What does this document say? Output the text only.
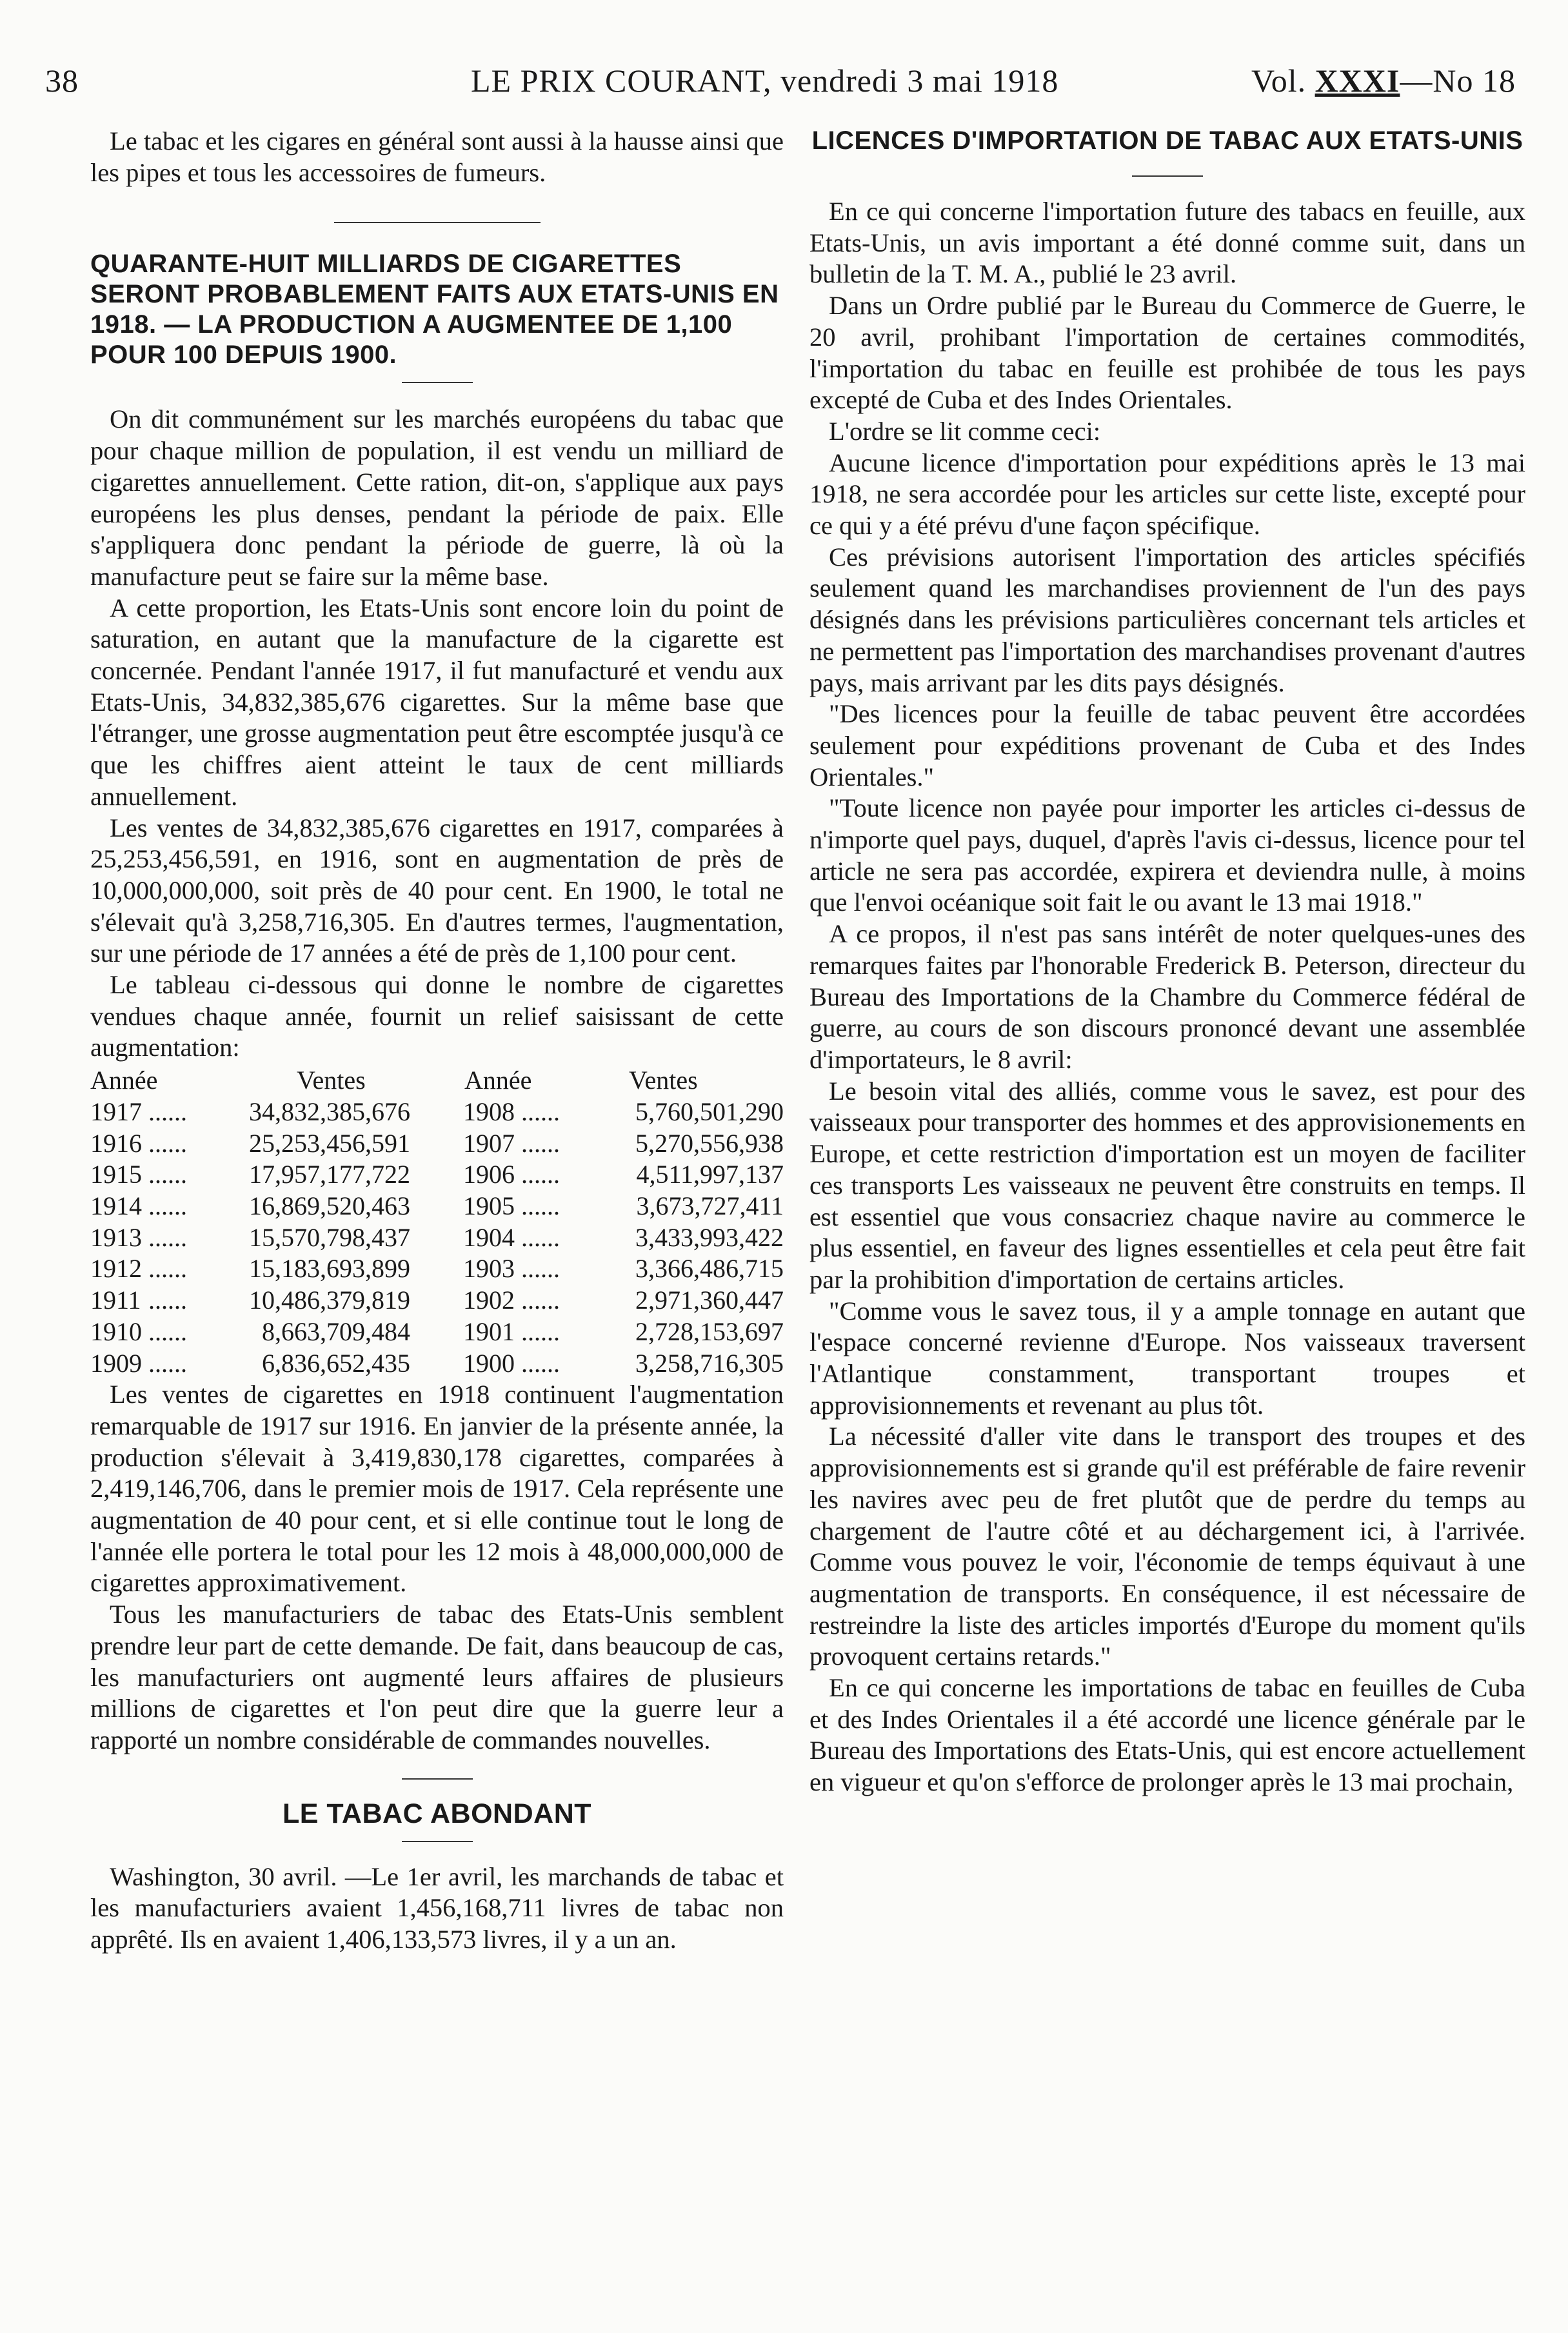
38	LE PRIX COURANT, vendredi 3 mai 1918	Vol. XXXI—No 18

Le tabac et les cigares en général sont aussi à la hausse ainsi que les pipes et tous les accessoires de fumeurs.

QUARANTE-HUIT MILLIARDS DE CIGARETTES SERONT PROBABLEMENT FAITS AUX ETATS-UNIS EN 1918. — LA PRODUCTION A AUGMENTEE DE 1,100 POUR 100 DEPUIS 1900.

On dit communément sur les marchés européens du tabac que pour chaque million de population, il est vendu un milliard de cigarettes annuellement. Cette ration, dit-on, s'applique aux pays européens les plus denses, pendant la période de paix. Elle s'appliquera donc pendant la période de guerre, là où la manufacture peut se faire sur la même base.

A cette proportion, les Etats-Unis sont encore loin du point de saturation, en autant que la manufacture de la cigarette est concernée. Pendant l'année 1917, il fut manufacturé et vendu aux Etats-Unis, 34,832,385,676 cigarettes. Sur la même base que l'étranger, une grosse augmentation peut être escomptée jusqu'à ce que les chiffres aient atteint le taux de cent milliards annuellement.

Les ventes de 34,832,385,676 cigarettes en 1917, comparées à 25,253,456,591, en 1916, sont en augmentation de près de 10,000,000,000, soit près de 40 pour cent. En 1900, le total ne s'élevait qu'à 3,258,716,305. En d'autres termes, l'augmentation, sur une période de 17 années a été de près de 1,100 pour cent.

Le tableau ci-dessous qui donne le nombre de cigarettes vendues chaque année, fournit un relief saisissant de cette augmentation:

Année	Ventes	Année	Ventes
1917 ......	34,832,385,676 1908 ......	5,760,501,290
1916 ......	25,253,456,591 1907 ......	5,270,556,938
1915 ......	17,957,177,722 1906 ......	4,511,997,137
1914 ......	16,869,520,463 1905 ......	3,673,727,411
1913 ......	15,570,798,437 1904 ......	3,433,993,422
1912 ......	15,183,693,899 1903 ......	3,366,486,715
1911 ......	10,486,379,819 1902 ......	2,971,360,447
1910 ......	8,663,709,484 1901 ......	2,728,153,697
1909 ......	6,836,652,435 1900 ......	3,258,716,305

Les ventes de cigarettes en 1918 continuent l'augmentation remarquable de 1917 sur 1916. En janvier de la présente année, la production s'élevait à 3,419,830,178 cigarettes, comparées à 2,419,146,706, dans le premier mois de 1917. Cela représente une augmentation de 40 pour cent, et si elle continue tout le long de l'année elle portera le total pour les 12 mois à 48,000,000,000 de cigarettes approximativement.

Tous les manufacturiers de tabac des Etats-Unis semblent prendre leur part de cette demande. De fait, dans beaucoup de cas, les manufacturiers ont augmenté leurs affaires de plusieurs millions de cigarettes et l'on peut dire que la guerre leur a rapporté un nombre considérable de commandes nouvelles.

LE TABAC ABONDANT

Washington, 30 avril. —Le 1er avril, les marchands de tabac et les manufacturiers avaient 1,456,168,711 livres de tabac non apprêté. Ils en avaient 1,406,133,573 livres, il y a un an.

LICENCES D'IMPORTATION DE TABAC AUX ETATS-UNIS

En ce qui concerne l'importation future des tabacs en feuille, aux Etats-Unis, un avis important a été donné comme suit, dans un bulletin de la T. M. A., publié le 23 avril.

Dans un Ordre publié par le Bureau du Commerce de Guerre, le 20 avril, prohibant l'importation de certaines commodités, l'importation du tabac en feuille est prohibée de tous les pays excepté de Cuba et des Indes Orientales.

L'ordre se lit comme ceci:

Aucune licence d'importation pour expéditions après le 13 mai 1918, ne sera accordée pour les articles sur cette liste, excepté pour ce qui y a été prévu d'une façon spécifique.

Ces prévisions autorisent l'importation des articles spécifiés seulement quand les marchandises proviennent de l'un des pays désignés dans les prévisions particulières concernant tels articles et ne permettent pas l'importation des marchandises provenant d'autres pays, mais arrivant par les dits pays désignés.

"Des licences pour la feuille de tabac peuvent être accordées seulement pour expéditions provenant de Cuba et des Indes Orientales."

"Toute licence non payée pour importer les articles ci-dessus de n'importe quel pays, duquel, d'après l'avis ci-dessus, licence pour tel article ne sera pas accordée, expirera et deviendra nulle, à moins que l'envoi océanique soit fait le ou avant le 13 mai 1918."

A ce propos, il n'est pas sans intérêt de noter quelques-unes des remarques faites par l'honorable Frederick B. Peterson, directeur du Bureau des Importations de la Chambre du Commerce fédéral de guerre, au cours de son discours prononcé devant une assemblée d'importateurs, le 8 avril:

Le besoin vital des alliés, comme vous le savez, est pour des vaisseaux pour transporter des hommes et des approvisionements en Europe, et cette restriction d'importation est un moyen de faciliter ces transports Les vaisseaux ne peuvent être construits en temps. Il est essentiel que vous consacriez chaque navire au commerce le plus essentiel, en faveur des lignes essentielles et cela peut être fait par la prohibition d'importation de certains articles.

"Comme vous le savez tous, il y a ample tonnage en autant que l'espace concerné revienne d'Europe. Nos vaisseaux traversent l'Atlantique constamment, transportant troupes et approvisionnements et revenant au plus tôt.

La nécessité d'aller vite dans le transport des troupes et des approvisionnements est si grande qu'il est préférable de faire revenir les navires avec peu de fret plutôt que de perdre du temps au chargement de l'autre côté et au déchargement ici, à l'arrivée. Comme vous pouvez le voir, l'économie de temps équivaut à une augmentation de transports. En conséquence, il est nécessaire de restreindre la liste des articles importés d'Europe du moment qu'ils provoquent certains retards."

En ce qui concerne les importations de tabac en feuilles de Cuba et des Indes Orientales il a été accordé une licence générale par le Bureau des Importations des Etats-Unis, qui est encore actuellement en vigueur et qu'on s'efforce de prolonger après le 13 mai prochain,
